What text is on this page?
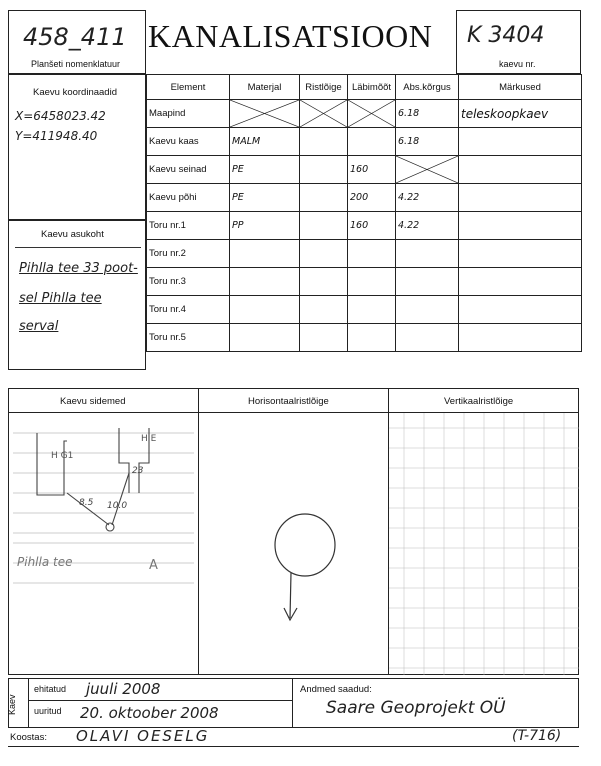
458_411
Planšeti nomenklatuur
KANALISATSIOON K 3404
kaevu nr.
Kaevu koordinaadid
X=6458023.42
Y=411948.40
Kaevu asukoht
Pihlla tee 33 poot-
sel Pihlla tee
serval
Element	Materjal	Ristlõige	Läbimõõt	Abs.kõrgus	Märkused
Maapind				6.18	teleskoopkaev
Kaevu kaas	MALM			6.18	
Kaevu seinad	PE		160	

Kaevu põhi	PE		200	4.22	
Toru nr.1	PP		160	4.22	
Toru nr.2					
Toru nr.3					
Toru nr.4					
Toru nr.5					
Kaevu sidemed	Horisontaalristlõige	Vertikaalristlõige
H G1
H E
8.5 10.0
23
Pihlla tee	A
Kaev
ehitatud juuli 2008
uuritud 20. oktoober 2008
Andmed saadud:
Saare Geoprojekt OÜ
Koostas: OLAVI OESELG	(T-716)
